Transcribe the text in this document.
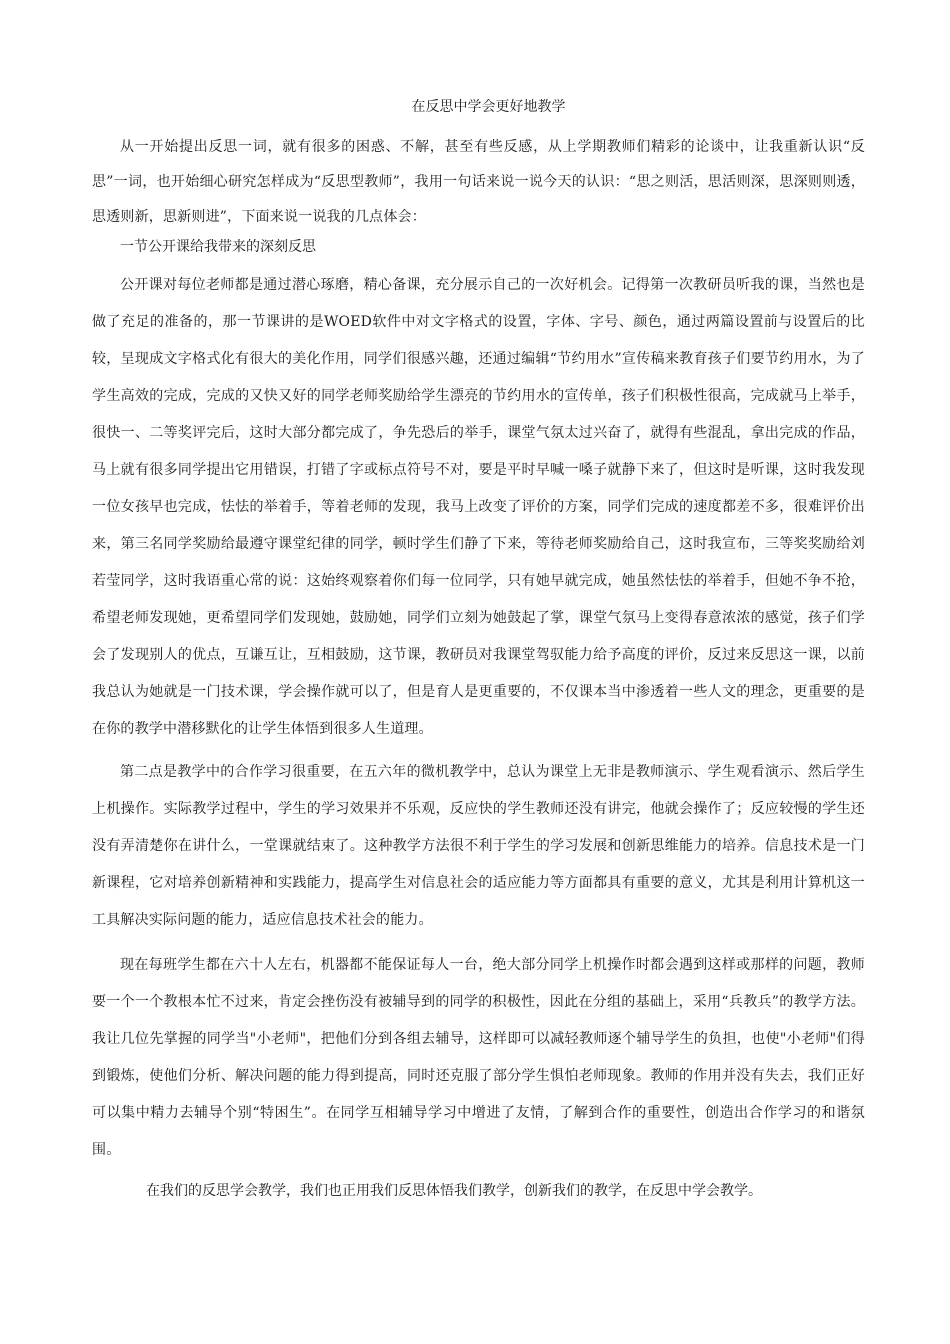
在反思中学会更好地教学

从一开始提出反思一词，就有很多的困惑、不解，甚至有些反感，从上学期教师们精彩的论谈中，让我重新认识“反思”一词，也开始细心研究怎样成为“反思型教师”，我用一句话来说一说今天的认识：“思之则活，思活则深，思深则则透，思透则新，思新则进”，下面来说一说我的几点体会：

一节公开课给我带来的深刻反思

公开课对每位老师都是通过潜心琢磨，精心备课，充分展示自己的一次好机会。记得第一次教研员听我的课，当然也是做了充足的准备的，那一节课讲的是WOED软件中对文字格式的设置，字体、字号、颜色，通过两篇设置前与设置后的比较，呈现成文字格式化有很大的美化作用，同学们很感兴趣，还通过编辑“节约用水”宣传稿来教育孩子们要节约用水，为了学生高效的完成，完成的又快又好的同学老师奖励给学生漂亮的节约用水的宣传单，孩子们积极性很高，完成就马上举手，很快一、二等奖评完后，这时大部分都完成了，争先恐后的举手，课堂气氛太过兴奋了，就得有些混乱，拿出完成的作品，马上就有很多同学提出它用错误，打错了字或标点符号不对，要是平时早喊一嗓子就静下来了，但这时是听课，这时我发现一位女孩早也完成，怯怯的举着手，等着老师的发现，我马上改变了评价的方案，同学们完成的速度都差不多，很难评价出来，第三名同学奖励给最遵守课堂纪律的同学，顿时学生们静了下来，等待老师奖励给自己，这时我宣布，三等奖奖励给刘若莹同学，这时我语重心常的说：这始终观察着你们每一位同学，只有她早就完成，她虽然怯怯的举着手，但她不争不抢，希望老师发现她，更希望同学们发现她，鼓励她，同学们立刻为她鼓起了掌，课堂气氛马上变得春意浓浓的感觉，孩子们学会了发现别人的优点，互谦互让，互相鼓励，这节课，教研员对我课堂驾驭能力给予高度的评价，反过来反思这一课，以前我总认为她就是一门技术课，学会操作就可以了，但是育人是更重要的，不仅课本当中渗透着一些人文的理念，更重要的是在你的教学中潜移默化的让学生体悟到很多人生道理。

第二点是教学中的合作学习很重要，在五六年的微机教学中，总认为课堂上无非是教师演示、学生观看演示、然后学生上机操作。实际教学过程中，学生的学习效果并不乐观，反应快的学生教师还没有讲完，他就会操作了；反应较慢的学生还没有弄清楚你在讲什么，一堂课就结束了。这种教学方法很不利于学生的学习发展和创新思维能力的培养。信息技术是一门新课程，它对培养创新精神和实践能力，提高学生对信息社会的适应能力等方面都具有重要的意义，尤其是利用计算机这一工具解决实际问题的能力，适应信息技术社会的能力。

现在每班学生都在六十人左右，机器都不能保证每人一台，绝大部分同学上机操作时都会遇到这样或那样的问题，教师要一个一个教根本忙不过来，肯定会挫伤没有被辅导到的同学的积极性，因此在分组的基础上，采用“兵教兵”的教学方法。我让几位先掌握的同学当"小老师"，把他们分到各组去辅导，这样即可以减轻教师逐个辅导学生的负担，也使"小老师"们得到锻炼，使他们分析、解决问题的能力得到提高，同时还克服了部分学生惧怕老师现象。教师的作用并没有失去，我们正好可以集中精力去辅导个别“特困生”。在同学互相辅导学习中增进了友情，了解到合作的重要性，创造出合作学习的和谐氛围。

在我们的反思学会教学，我们也正用我们反思体悟我们教学，创新我们的教学，在反思中学会教学。
